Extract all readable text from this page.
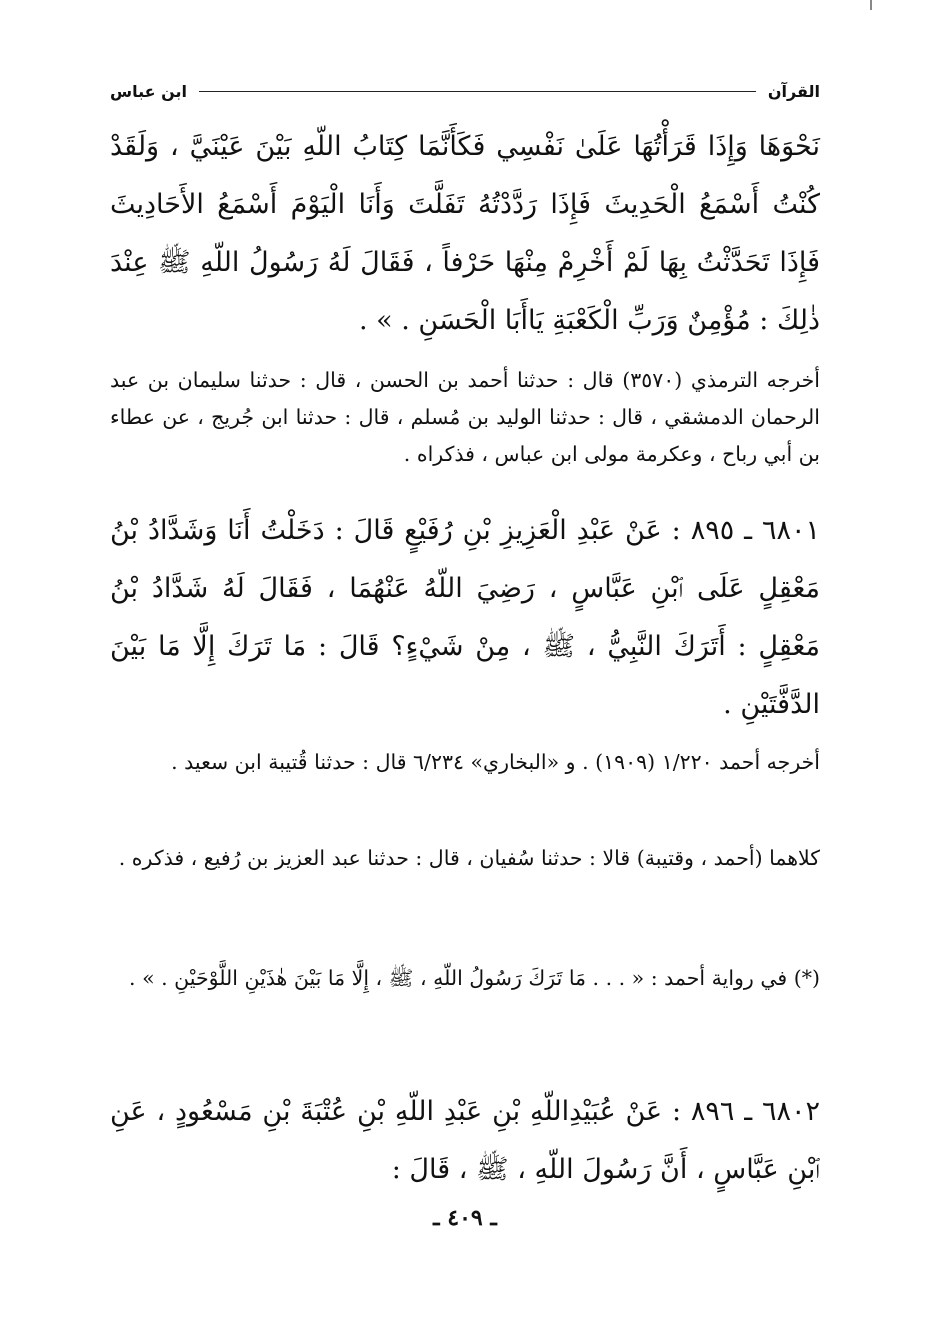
القرآن
ابن عباس
نَحْوَهَا وَإِذَا قَرَأْتُهَا عَلَىٰ نَفْسِي فَكَأَنَّمَا كِتَابُ اللّهِ بَيْنَ عَيْنَيَّ ، وَلَقَدْ كُنْتُ أَسْمَعُ الْحَدِيثَ فَإِذَا رَدَّدْتُهُ تَفَلَّتَ وَأَنَا الْيَوْمَ أَسْمَعُ الأَحَادِيثَ فَإِذَا تَحَدَّثْتُ بِهَا لَمْ أَخْرِمْ مِنْهَا حَرْفاً ، فَقَالَ لَهُ رَسُولُ اللّهِ ﷺ عِنْدَ ذٰلِكَ : مُؤْمِنٌ وَرَبِّ الْكَعْبَةِ يَاأَبَا الْحَسَنِ . » .
أخرجه الترمذي (٣٥٧٠) قال : حدثنا أحمد بن الحسن ، قال : حدثنا سليمان بن عبد الرحمان الدمشقي ، قال : حدثنا الوليد بن مُسلم ، قال : حدثنا ابن جُريج ، عن عطاء بن أبي رباح ، وعكرمة مولى ابن عباس ، فذكراه .
٦٨٠١ ـ ٨٩٥ : عَنْ عَبْدِ الْعَزِيزِ بْنِ رُفَيْعٍ قَالَ : دَخَلْتُ أَنَا وَشَدَّادُ بْنُ مَعْقِلٍ عَلَى ٱبْنِ عَبَّاسٍ ، رَضِيَ اللّهُ عَنْهُمَا ، فَقَالَ لَهُ شَدَّادُ بْنُ مَعْقِلٍ : أَتَرَكَ النَّبِيُّ ، ﷺ ، مِنْ شَيْءٍ؟ قَالَ : مَا تَرَكَ إِلَّا مَا بَيْنَ الدَّفَّتَيْنِ .
أخرجه أحمد ١/٢٢٠ (١٩٠٩) . و «البخاري» ٦/٢٣٤ قال : حدثنا قُتيبة ابن سعيد .
كلاهما (أحمد ، وقتيبة) قالا : حدثنا سُفيان ، قال : حدثنا عبد العزيز بن رُفيع ، فذكره .
(*) في رواية أحمد : « . . . مَا تَرَكَ رَسُولُ اللّهِ ، ﷺ ، إِلَّا مَا بَيْنَ هٰذَيْنِ اللَّوْحَيْنِ . » .
٦٨٠٢ ـ ٨٩٦ : عَنْ عُبَيْدِاللّهِ بْنِ عَبْدِ اللّهِ بْنِ عُتْبَةَ بْنِ مَسْعُودٍ ، عَنِ ٱبْنِ عَبَّاسٍ ، أَنَّ رَسُولَ اللّهِ ، ﷺ ، قَالَ :
ـ ٤٠٩ ـ
